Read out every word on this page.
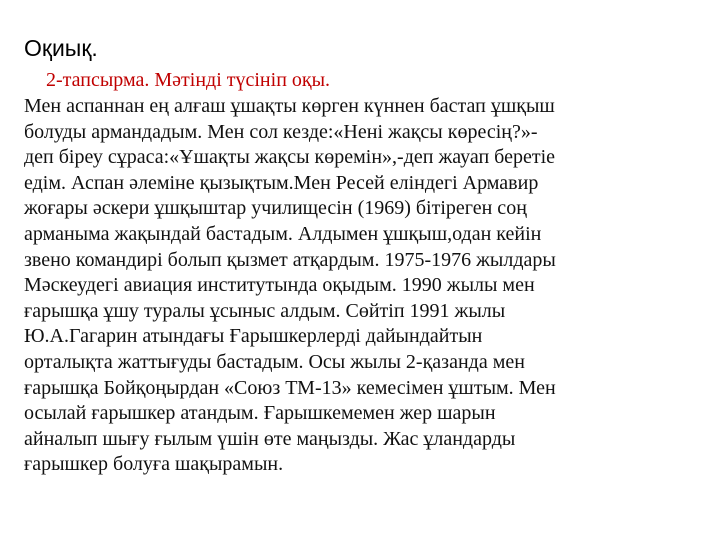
Оқиық.
2-тапсырма. Мәтінді түсініп оқы.
Мен аспаннан ең алғаш ұшақты көрген күннен бастап ұшқыш
болуды армандадым. Мен сол кезде:«Нені жақсы көресің?»-
деп біреу сұраса:«Ұшақты жақсы көремін»,-деп жауап беретіе
едім. Аспан әлеміне қызықтым.Мен Ресей еліндегі Армавир
жоғары әскери ұшқыштар училищесін (1969) бітіреген соң
арманыма жақындай бастадым. Алдымен ұшқыш,одан кейін
звено командирі болып қызмет атқардым. 1975-1976 жылдары
Мәскеудегі авиация институтында оқыдым. 1990 жылы мен
ғарышқа ұшу туралы ұсыныс алдым. Сөйтіп 1991 жылы
Ю.А.Гагарин атындағы Ғарышкерлерді дайындайтын
орталықта жаттығуды бастадым. Осы жылы 2-қазанда мен
ғарышқа Бойқоңырдан «Союз ТМ-13» кемесімен ұштым. Мен
осылай ғарышкер атандым. Ғарышкемемен жер шарын
айналып шығу ғылым үшін өте маңызды. Жас ұландарды
ғарышкер болуға шақырамын.
